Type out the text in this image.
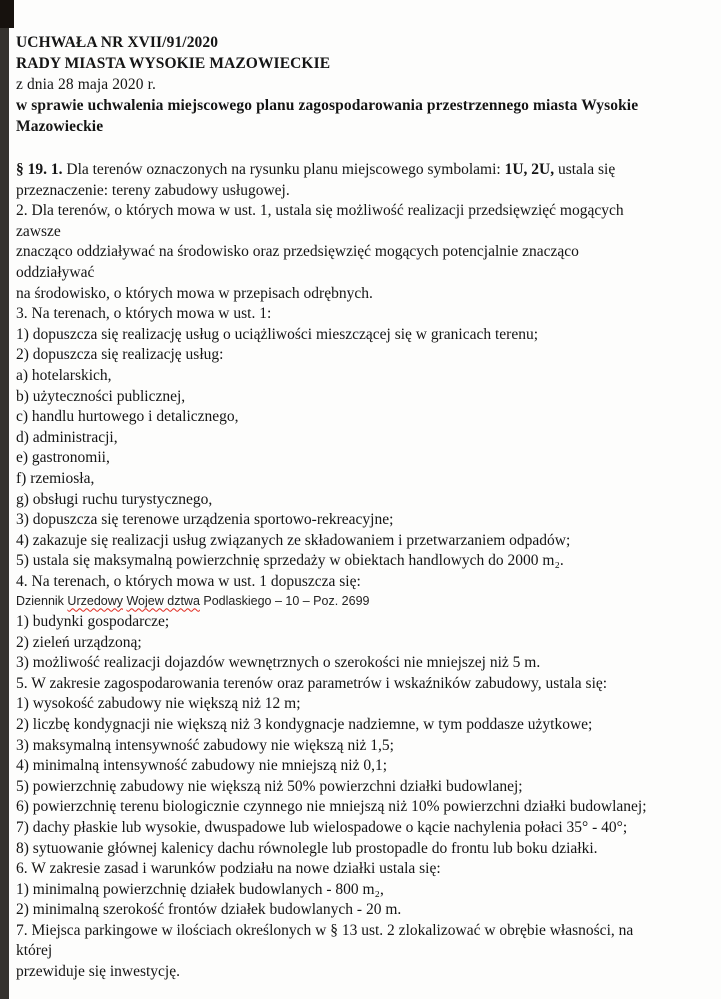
UCHWAŁA NR XVII/91/2020
RADY MIASTA WYSOKIE MAZOWIECKIE
z dnia 28 maja 2020 r.
w sprawie uchwalenia miejscowego planu zagospodarowania przestrzennego miasta Wysokie Mazowieckie
§ 19. 1. Dla terenów oznaczonych na rysunku planu miejscowego symbolami: 1U, 2U, ustala się
przeznaczenie: tereny zabudowy usługowej.
2. Dla terenów, o których mowa w ust. 1, ustala się możliwość realizacji przedsięwzięć mogących
zawsze
znacząco oddziaływać na środowisko oraz przedsięwzięć mogących potencjalnie znacząco
oddziaływać
na środowisko, o których mowa w przepisach odrębnych.
3. Na terenach, o których mowa w ust. 1:
1) dopuszcza się realizację usług o uciążliwości mieszczącej się w granicach terenu;
2) dopuszcza się realizację usług:
a) hotelarskich,
b) użyteczności publicznej,
c) handlu hurtowego i detalicznego,
d) administracji,
e) gastronomii,
f) rzemiosła,
g) obsługi ruchu turystycznego,
3) dopuszcza się terenowe urządzenia sportowo-rekreacyjne;
4) zakazuje się realizacji usług związanych ze składowaniem i przetwarzaniem odpadów;
5) ustala się maksymalną powierzchnię sprzedaży w obiektach handlowych do 2000 m₂.
4. Na terenach, o których mowa w ust. 1 dopuszcza się:
Dziennik Urzedowy Wojew dztwa Podlaskiego – 10 – Poz. 2699
1) budynki gospodarcze;
2) zieleń urządzoną;
3) możliwość realizacji dojazdów wewnętrznych o szerokości nie mniejszej niż 5 m.
5. W zakresie zagospodarowania terenów oraz parametrów i wskaźników zabudowy, ustala się:
1) wysokość zabudowy nie większą niż 12 m;
2) liczbę kondygnacji nie większą niż 3 kondygnacje nadziemne, w tym poddasze użytkowe;
3) maksymalną intensywność zabudowy nie większą niż 1,5;
4) minimalną intensywność zabudowy nie mniejszą niż 0,1;
5) powierzchnię zabudowy nie większą niż 50% powierzchni działki budowlanej;
6) powierzchnię terenu biologicznie czynnego nie mniejszą niż 10% powierzchni działki budowlanej;
7) dachy płaskie lub wysokie, dwuspadowe lub wielospadowe o kącie nachylenia połaci 35° - 40°;
8) sytuowanie głównej kalenicy dachu równolegle lub prostopadle do frontu lub boku działki.
6. W zakresie zasad i warunków podziału na nowe działki ustala się:
1) minimalną powierzchnię działek budowlanych - 800 m₂,
2) minimalną szerokość frontów działek budowlanych - 20 m.
7. Miejsca parkingowe w ilościach określonych w § 13 ust. 2 zlokalizować w obrębie własności, na
której
przewiduje się inwestycję.
